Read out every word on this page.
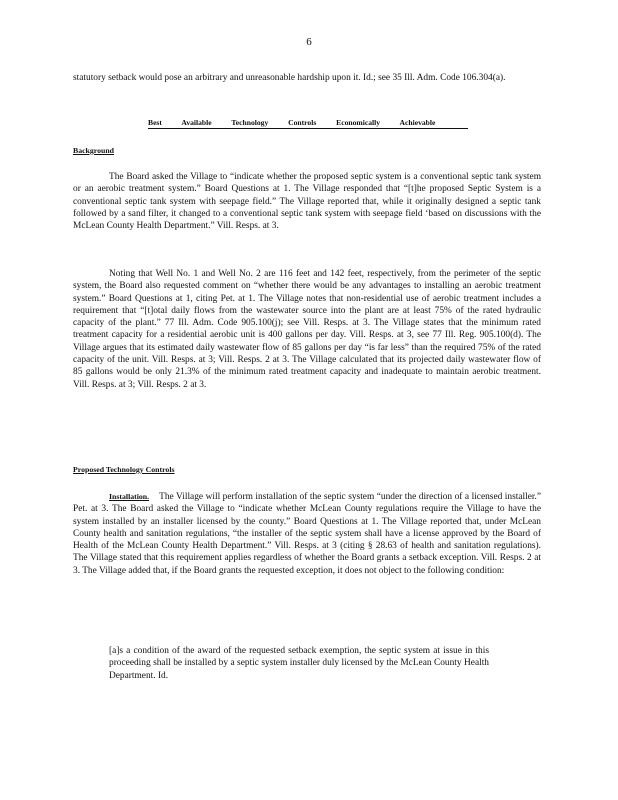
6

statutory setback would pose an arbitrary and unreasonable hardship upon it. Id.; see 35 Ill. Adm. Code 106.304(a).

Best Available Technology Controls Economically Achievable
Background

The Board asked the Village to “indicate whether the proposed septic system is a conventional septic tank system or an aerobic treatment system.” Board Questions at 1. The Village responded that “[t]he proposed Septic System is a conventional septic tank system with seepage field.” The Village reported that, while it originally designed a septic tank followed by a sand filter, it changed to a conventional septic tank system with seepage field ‘based on discussions with the McLean County Health Department.” Vill. Resps. at 3.

Noting that Well No. 1 and Well No. 2 are 116 feet and 142 feet, respectively, from the perimeter of the septic system, the Board also requested comment on “whether there would be any advantages to installing an aerobic treatment system.” Board Questions at 1, citing Pet. at 1. The Village notes that non-residential use of aerobic treatment includes a requirement that “[t]otal daily flows from the wastewater source into the plant are at least 75% of the rated hydraulic capacity of the plant.” 77 Ill. Adm. Code 905.100(j); see Vill. Resps. at 3. The Village states that the minimum rated treatment capacity for a residential aerobic unit is 400 gallons per day. Vill. Resps. at 3, see 77 Ill. Reg. 905.100(d). The Village argues that its estimated daily wastewater flow of 85 gallons per day “is far less” than the required 75% of the rated capacity of the unit. Vill. Resps. at 3; Vill. Resps. 2 at 3. The Village calculated that its projected daily wastewater flow of 85 gallons would be only 21.3% of the minimum rated treatment capacity and inadequate to maintain aerobic treatment. Vill. Resps. at 3; Vill. Resps. 2 at 3.

Proposed Technology Controls

Installation. The Village will perform installation of the septic system “under the direction of a licensed installer.” Pet. at 3. The Board asked the Village to “indicate whether McLean County regulations require the Village to have the system installed by an installer licensed by the county.” Board Questions at 1. The Village reported that, under McLean County health and sanitation regulations, “the installer of the septic system shall have a license approved by the Board of Health of the McLean County Health Department.” Vill. Resps. at 3 (citing § 28.63 of health and sanitation regulations). The Village stated that this requirement applies regardless of whether the Board grants a setback exception. Vill. Resps. 2 at 3. The Village added that, if the Board grants the requested exception, it does not object to the following condition:

[a]s a condition of the award of the requested setback exemption, the septic system at issue in this proceeding shall be installed by a septic system installer duly licensed by the McLean County Health Department. Id.
